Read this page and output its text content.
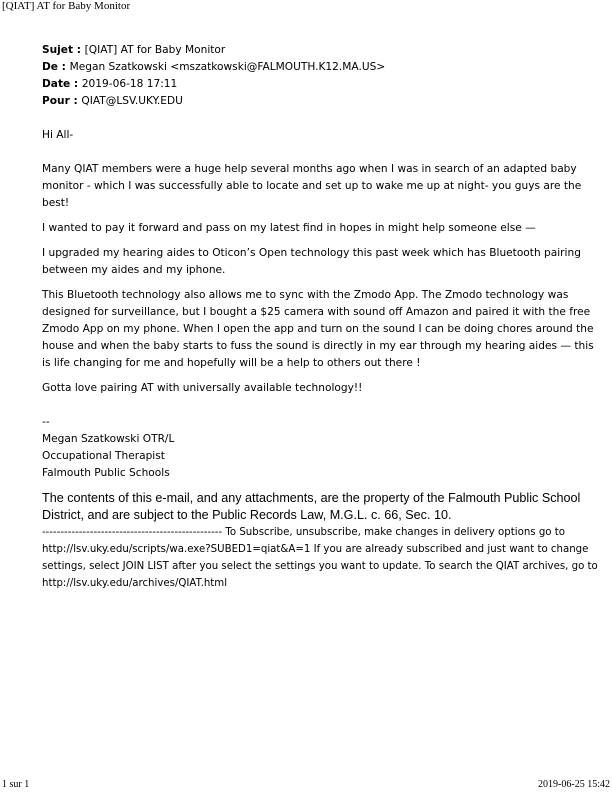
[QIAT] AT for Baby Monitor

Sujet : [QIAT] AT for Baby Monitor

De : Megan Szatkowski <mszatkowski@FALMOUTH.K12.MA.US>

Date : 2019-06-18 17:11

Pour : QIAT@LSV.UKY.EDU

Hi All-

Many QIAT members were a huge help several months ago when I was in search of an adapted baby monitor - which I was successfully able to locate and set up to wake me up at night- you guys are the best!

I wanted to pay it forward and pass on my latest find in hopes in might help someone else —

I upgraded my hearing aides to Oticon’s Open technology this past week which has Bluetooth pairing between my aides and my iphone.

This Bluetooth technology also allows me to sync with the Zmodo App. The Zmodo technology was designed for surveillance, but I bought a $25 camera with sound off Amazon and paired it with the free Zmodo App on my phone. When I open the app and turn on the sound I can be doing chores around the house and when the baby starts to fuss the sound is directly in my ear through my hearing aides — this is life changing for me and hopefully will be a help to others out there !

Gotta love pairing AT with universally available technology!!

--

Megan Szatkowski OTR/L

Occupational Therapist

Falmouth Public Schools

The contents of this e-mail, and any attachments, are the property of the Falmouth Public School District, and are subject to the Public Records Law, M.G.L. c. 66, Sec. 10.

------------------------------------------------- To Subscribe, unsubscribe, make changes in delivery options go to http://lsv.uky.edu/scripts/wa.exe?SUBED1=qiat&A=1 If you are already subscribed and just want to change settings, select JOIN LIST after you select the settings you want to update. To search the QIAT archives, go to http://lsv.uky.edu/archives/QIAT.html

1 sur 1	2019-06-25 15:42
